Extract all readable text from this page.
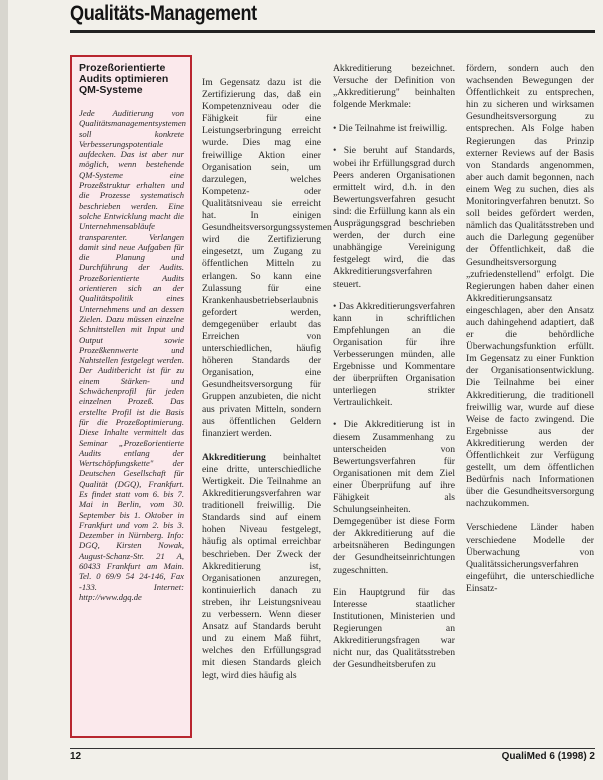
Qualitäts-Management
Prozeßorientierte Audits optimieren QM-Systeme

Jede Auditierung von Qualitätsmanagementsystemen soll konkrete Verbesserungspotentiale aufdecken. Das ist aber nur möglich, wenn bestehende QM-Systeme eine Prozeßstruktur erhalten und die Prozesse systematisch beschrieben werden. Eine solche Entwicklung macht die Unternehmensabläufe transparenter. Verlangen damit sind neue Aufgaben für die Planung und Durchführung der Audits. Prozeßorientierte Audits orientieren sich an der Qualitätspolitik eines Unternehmens und an dessen Zielen. Dazu müssen einzelne Schnittstellen mit Input und Output sowie Prozeßkennwerte und Nahtstellen festgelegt werden. Der Auditbericht ist für zu einem Stärken- und Schwächenprofil für jeden einzelnen Prozeß. Das erstellte Profil ist die Basis für die Prozeßoptimierung. Diese Inhalte vermittelt das Seminar „Prozeßorientierte Audits entlang der Wertschöpfungskette" der Deutschen Gesellschaft für Qualität (DGQ), Frankfurt. Es findet statt vom 6. bis 7. Mai in Berlin, vom 30. September bis 1. Oktober in Frankfurt und vom 2. bis 3. Dezember in Nürnberg. Info: DGQ, Kirsten Nowak, August-Schanz-Str. 21 A, 60433 Frankfurt am Main. Tel. 0 69/9 54 24-146, Fax -133. Internet: http://www.dgq.de

Im Gegensatz dazu ist die Zertifizierung das, daß ein Kompetenzniveau oder die Fähigkeit für eine Leistungserbringung erreicht wurde. Dies mag eine freiwillige Aktion einer Organisation sein, um darzulegen, welches Kompetenz- oder Qualitätsniveau sie erreicht hat. In einigen Gesundheitsversorgungssystemen wird die Zertifizierung eingesetzt, um Zugang zu öffentlichen Mitteln zu erlangen. So kann eine Zulassung für eine Krankenhausbetriebserlaubnis gefordert werden, demgegenüber erlaubt das Erreichen von unterschiedlichen, häufig höheren Standards der Organisation, eine Gesundheitsversorgung für Gruppen anzubieten, die nicht aus privaten Mitteln, sondern aus öffentlichen Geldern finanziert werden.

Akkreditierung beinhaltet eine dritte, unterschiedliche Wertigkeit. Die Teilnahme an Akkreditierungsverfahren war traditionell freiwillig. Die Standards sind auf einem hohen Niveau festgelegt, häufig als optimal erreichbar beschrieben. Der Zweck der Akkreditierung ist, Organisationen anzuregen, kontinuierlich danach zu streben, ihr Leistungsniveau zu verbessern. Wenn dieser Ansatz auf Standards beruht und zu einem Maß führt, welches den Erfüllungsgrad mit diesen Standards gleich legt, wird dies häufig als

Akkreditierung bezeichnet. Versuche der Definition von „Akkreditierung" beinhalten folgende Merkmale:

• Die Teilnahme ist freiwillig.

• Sie beruht auf Standards, wobei ihr Erfüllungsgrad durch Peers anderen Organisationen ermittelt wird, d.h. in den Bewertungsverfahren gesucht sind: die Erfüllung kann als ein Ausprägungsgrad beschrieben werden, der durch eine unabhängige Vereinigung festgelegt wird, die das Akkreditierungsverfahren steuert.

• Das Akkreditierungsverfahren kann in schriftlichen Empfehlungen an die Organisation für ihre Verbesserungen münden, alle Ergebnisse und Kommentare der überprüften Organisation unterliegen strikter Vertraulichkeit.

• Die Akkreditierung ist in diesem Zusammenhang zu unterscheiden von Bewertungsverfahren für Organisationen mit dem Ziel einer Überprüfung auf ihre Fähigkeit als Schulungseinheiten. Demgegenüber ist diese Form der Akkreditierung auf die arbeitsnäheren Bedingungen der Gesundheitseinrichtungen zugeschnitten.

Ein Hauptgrund für das Interesse staatlicher Institutionen, Ministerien und Regierungen an Akkreditierungsfragen war nicht nur, das Qualitätsstreben der Gesundheitsberufen zu

fördern, sondern auch den wachsenden Bewegungen der Öffentlichkeit zu entsprechen, hin zu sicheren und wirksamen Gesundheitsversorgung zu entsprechen. Als Folge haben Regierungen das Prinzip externer Reviews auf der Basis von Standards angenommen, aber auch damit begonnen, nach einem Weg zu suchen, dies als Monitoringverfahren benutzt. So soll beides gefördert werden, nämlich das Qualitätsstreben und auch die Darlegung gegenüber der Öffentlichkeit, daß die Gesundheitsversorgung „zufriedenstellend" erfolgt. Die Regierungen haben daher einen Akkreditierungsansatz eingeschlagen, aber den Ansatz auch dahingehend adaptiert, daß er die behördliche Überwachungsfunktion erfüllt. Im Gegensatz zu einer Funktion der Organisationsentwicklung. Die Teilnahme bei einer Akkreditierung, die traditionell freiwillig war, wurde auf diese Weise de facto zwingend. Die Ergebnisse aus der Akkreditierung werden der Öffentlichkeit zur Verfügung gestellt, um dem öffentlichen Bedürfnis nach Informationen über die Gesundheitsversorgung nachzukommen.

Verschiedene Länder haben verschiedene Modelle der Überwachung von Qualitätssicherungsverfahren eingeführt, die unterschiedliche Einsatz-

12	QualiMed 6 (1998) 2
